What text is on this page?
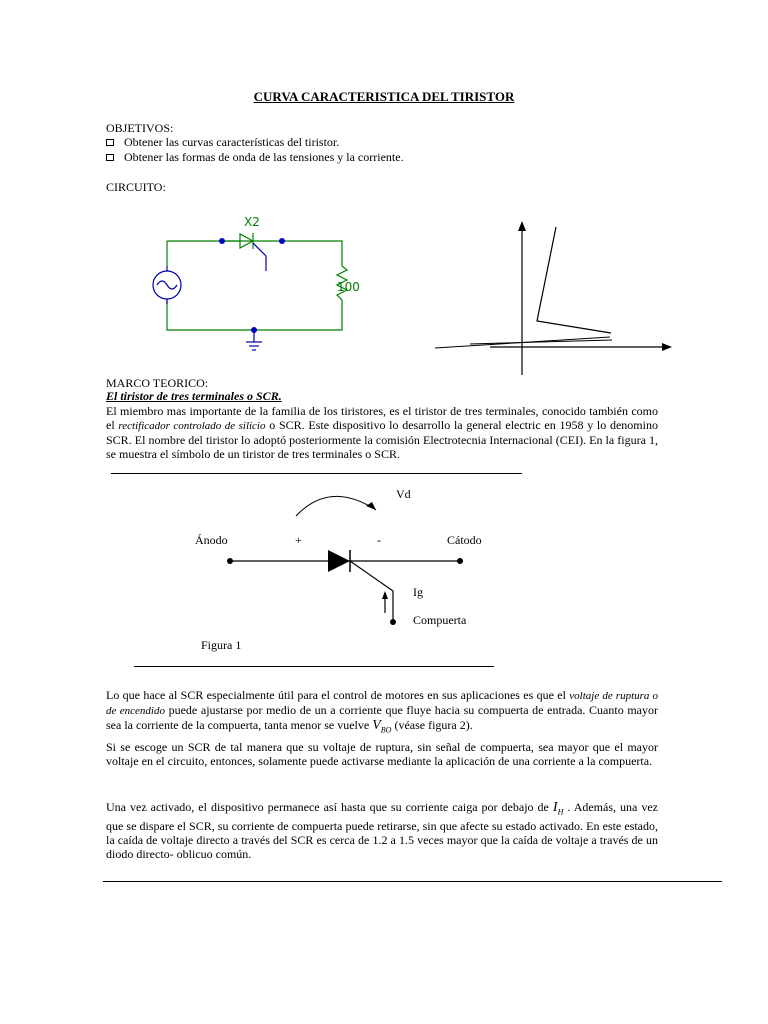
CURVA CARACTERISTICA DEL TIRISTOR
OBJETIVOS:
Obtener las curvas características del tiristor.
Obtener las formas de onda de las tensiones y la corriente.
CIRCUITO:
X2
100
MARCO TEORICO:
El tiristor de tres terminales o SCR.
El miembro mas importante de la familia de los tiristores, es el tiristor de tres terminales, conocido también como el rectificador controlado de silicio o SCR. Este dispositivo lo desarrollo la general electric en 1958 y lo denomino SCR. El nombre del tiristor lo adoptó posteriormente la comisión Electrotecnia Internacional (CEI). En la figura 1, se muestra el símbolo de un tiristor de tres terminales o SCR.
Vd
Ánodo	+	-	Cátodo
Ig
Compuerta
Figura 1
Lo que hace al SCR especialmente útil para el control de motores en sus aplicaciones es que el voltaje de ruptura o de encendido puede ajustarse por medio de un a corriente que fluye hacia su compuerta de entrada. Cuanto mayor sea la corriente de la compuerta, tanta menor se vuelve $V_{BO}$ (véase figura 2).
Si se escoge un SCR de tal manera que su voltaje de ruptura, sin señal de compuerta, sea mayor que el mayor voltaje en el circuito, entonces, solamente puede activarse mediante la aplicación de una corriente a la compuerta.
Una vez activado, el dispositivo permanece así hasta que su corriente caiga por debajo de $I_H$ . Además, una vez que se dispare el SCR, su corriente de compuerta puede retirarse, sin que afecte su estado activado. En este estado, la caída de voltaje directo a través del SCR es cerca de 1.2 a 1.5 veces mayor que la caída de voltaje a través de un diodo directo- oblicuo común.
